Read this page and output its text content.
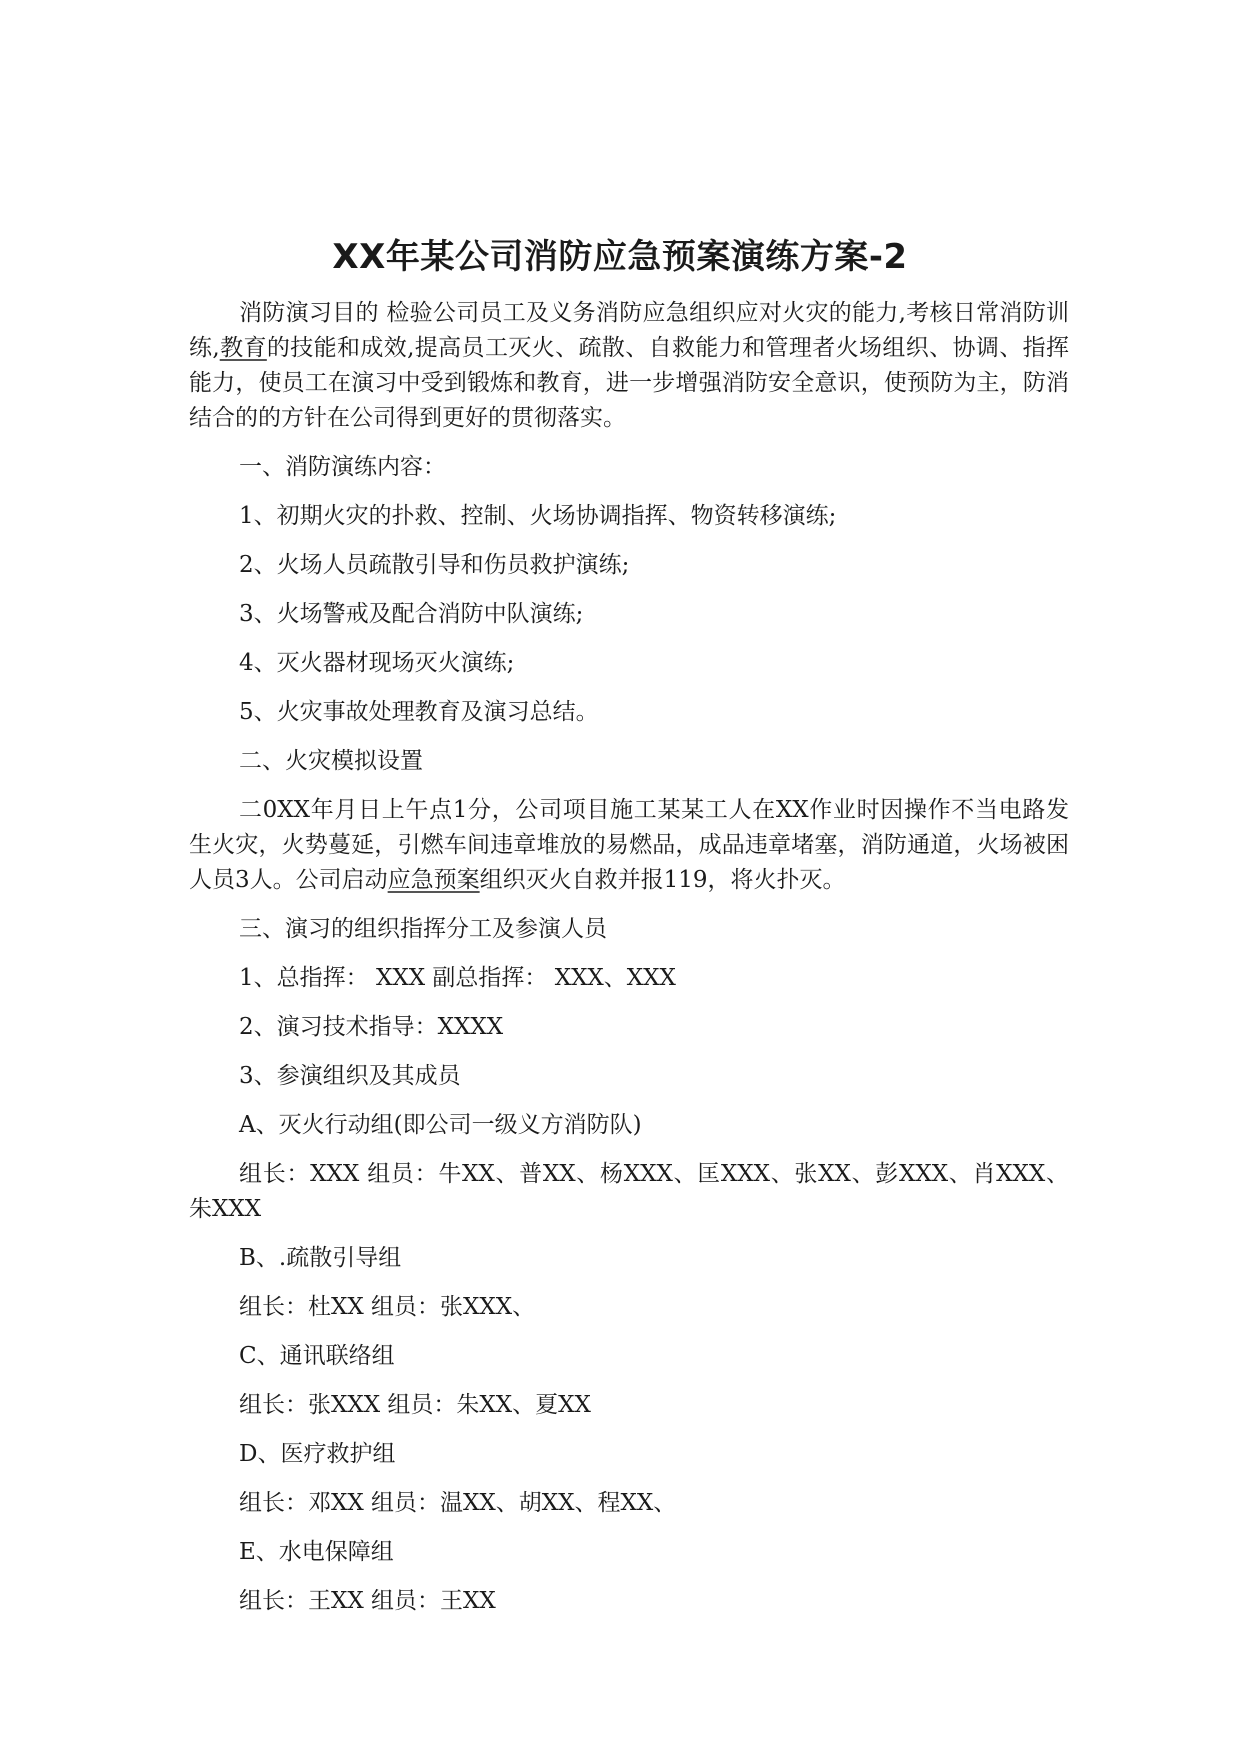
XX年某公司消防应急预案演练方案-2

消防演习目的 检验公司员工及义务消防应急组织应对火灾的能力,考核日常消防训练,教育的技能和成效,提高员工灭火、疏散、自救能力和管理者火场组织、协调、指挥能力，使员工在演习中受到锻炼和教育，进一步增强消防安全意识，使预防为主，防消结合的的方针在公司得到更好的贯彻落实。

一、消防演练内容：

1、初期火灾的扑救、控制、火场协调指挥、物资转移演练;

2、火场人员疏散引导和伤员救护演练;

3、火场警戒及配合消防中队演练;

4、灭火器材现场灭火演练;

5、火灾事故处理教育及演习总结。

二、火灾模拟设置

二0XX年月日上午点1分，公司项目施工某某工人在XX作业时因操作不当电路发生火灾，火势蔓延，引燃车间违章堆放的易燃品，成品违章堵塞，消防通道，火场被困人员3人。公司启动应急预案组织灭火自救并报119，将火扑灭。

三、演习的组织指挥分工及参演人员

1、总指挥： XXX 副总指挥： XXX、XXX

2、演习技术指导：XXXX

3、参演组织及其成员

A、灭火行动组(即公司一级义方消防队)

组长：XXX 组员：牛XX、普XX、杨XXX、匡XXX、张XX、彭XXX、肖XXX、朱XXX

B、.疏散引导组

组长：杜XX 组员：张XXX、

C、通讯联络组

组长：张XXX 组员：朱XX、夏XX

D、医疗救护组

组长：邓XX 组员：温XX、胡XX、程XX、

E、水电保障组

组长：王XX 组员：王XX
